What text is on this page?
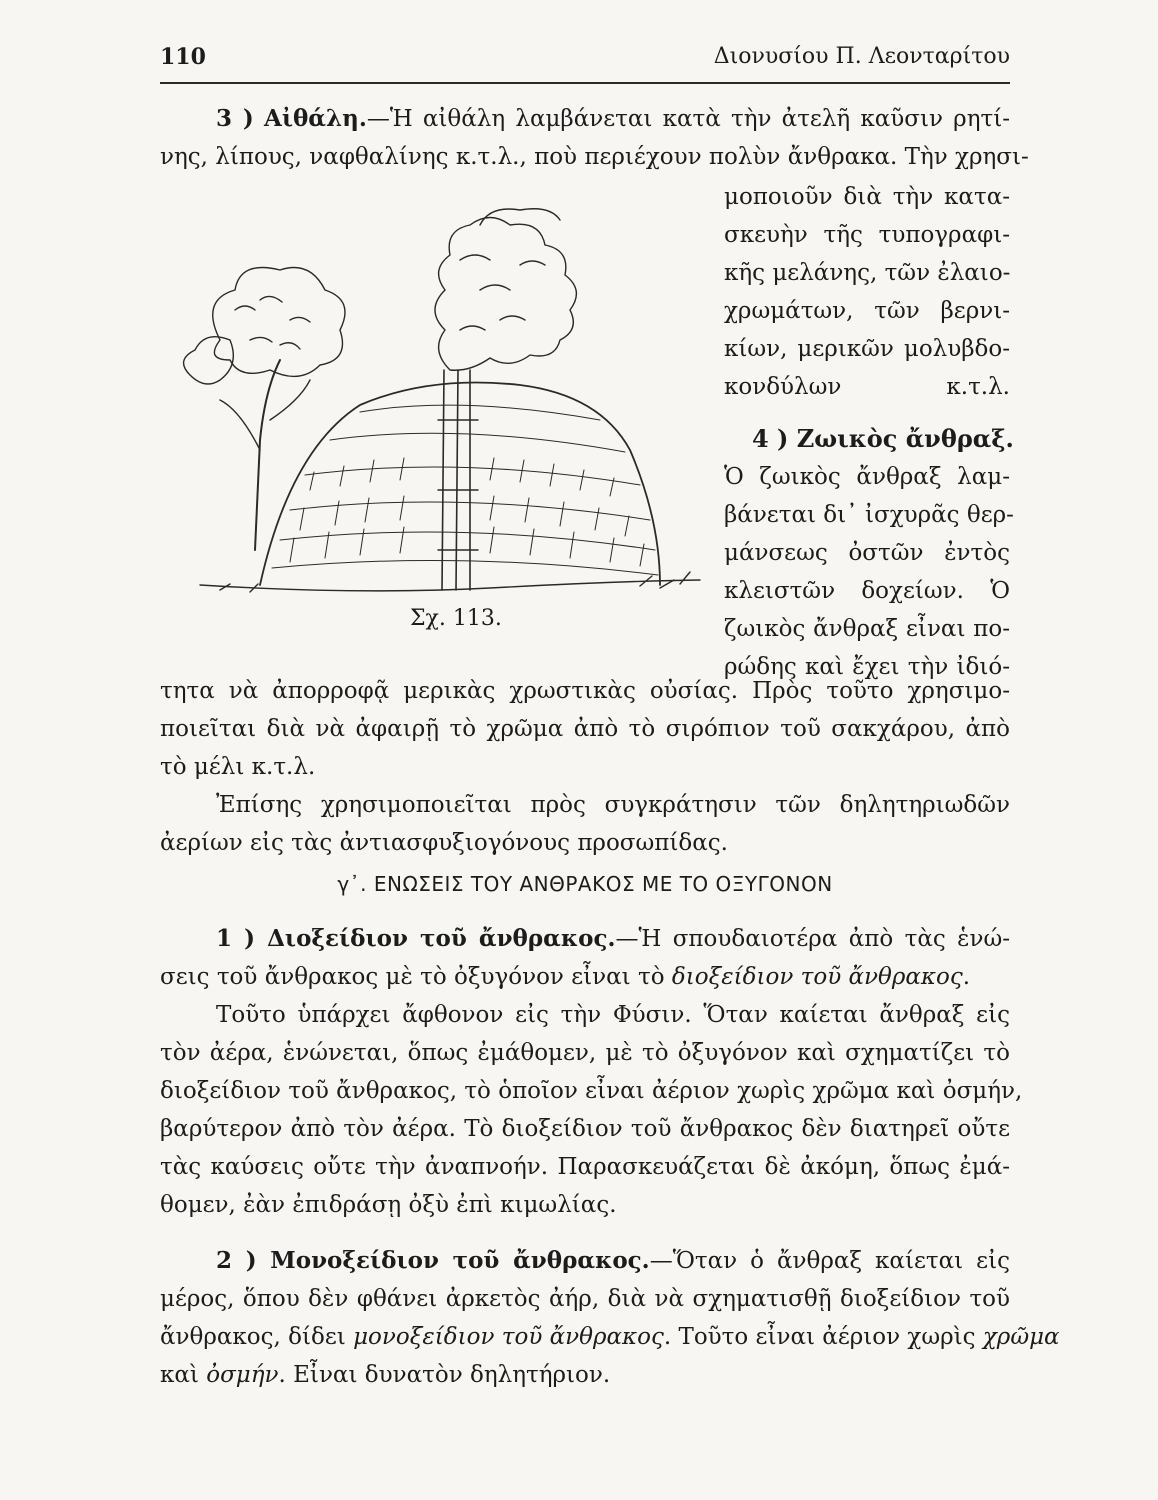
110	Διονυσίου Π. Λεονταρίτου
3 ) Αἰθάλη.—Ἡ αἰθάλη λαμβάνεται κατὰ τὴν ἀτελῆ καῦσιν ρητί-
νης, λίπους, ναφθαλίνης κ.τ.λ., ποὺ περιέχουν πολὺν ἄνθρακα. Τὴν χρησι-
μοποιοῦν διὰ τὴν κατα-
σκευὴν τῆς τυπογραφι-
κῆς μελάνης, τῶν ἐλαιο-
χρωμάτων, τῶν βερνι-
κίων, μερικῶν μολυβδο-
κονδύλων κ.τ.λ.
4 ) Ζωικὸς ἄνθραξ.
Ὁ ζωικὸς ἄνθραξ λαμ-
βάνεται δι᾽ ἰσχυρᾶς θερ-
μάνσεως ὀστῶν ἐντὸς
κλειστῶν δοχείων. Ὁ
ζωικὸς ἄνθραξ εἶναι πο-
ρώδης καὶ ἔχει τὴν ἰδιό-
Σχ. 113.
τητα νὰ ἀπορροφᾷ μερικὰς χρωστικὰς οὐσίας. Πρὸς τοῦτο χρησιμο-
ποιεῖται διὰ νὰ ἀφαιρῇ τὸ χρῶμα ἀπὸ τὸ σιρόπιον τοῦ σακχάρου, ἀπὸ
τὸ μέλι κ.τ.λ.
Ἐπίσης χρησιμοποιεῖται πρὸς συγκράτησιν τῶν δηλητηριωδῶν
ἀερίων εἰς τὰς ἀντιασφυξιογόνους προσωπίδας.
γ᾽. ΕΝΩΣΕΙΣ ΤΟΥ ΑΝΘΡΑΚΟΣ ΜΕ ΤΟ ΟΞΥΓΟΝΟΝ
1 ) Διοξείδιον τοῦ ἄνθρακος.—Ἡ σπουδαιοτέρα ἀπὸ τὰς ἑνώ-
σεις τοῦ ἄνθρακος μὲ τὸ ὀξυγόνον εἶναι τὸ διοξείδιον τοῦ ἄνθρακος.
Τοῦτο ὑπάρχει ἄφθονον εἰς τὴν Φύσιν. Ὅταν καίεται ἄνθραξ εἰς
τὸν ἀέρα, ἑνώνεται, ὅπως ἐμάθομεν, μὲ τὸ ὀξυγόνον καὶ σχηματίζει τὸ
διοξείδιον τοῦ ἄνθρακος, τὸ ὁποῖον εἶναι ἀέριον χωρὶς χρῶμα καὶ ὀσμήν,
βαρύτερον ἀπὸ τὸν ἀέρα. Τὸ διοξείδιον τοῦ ἄνθρακος δὲν διατηρεῖ οὔτε
τὰς καύσεις οὔτε τὴν ἀναπνοήν. Παρασκευάζεται δὲ ἀκόμη, ὅπως ἐμά-
θομεν, ἐὰν ἐπιδράσῃ ὀξὺ ἐπὶ κιμωλίας.
2 ) Μονοξείδιον τοῦ ἄνθρακος.—Ὅταν ὁ ἄνθραξ καίεται εἰς
μέρος, ὅπου δὲν φθάνει ἀρκετὸς ἀήρ, διὰ νὰ σχηματισθῇ διοξείδιον τοῦ
ἄνθρακος, δίδει μονοξείδιον τοῦ ἄνθρακος. Τοῦτο εἶναι ἀέριον χωρὶς χρῶμα
καὶ ὀσμήν. Εἶναι δυνατὸν δηλητήριον.
